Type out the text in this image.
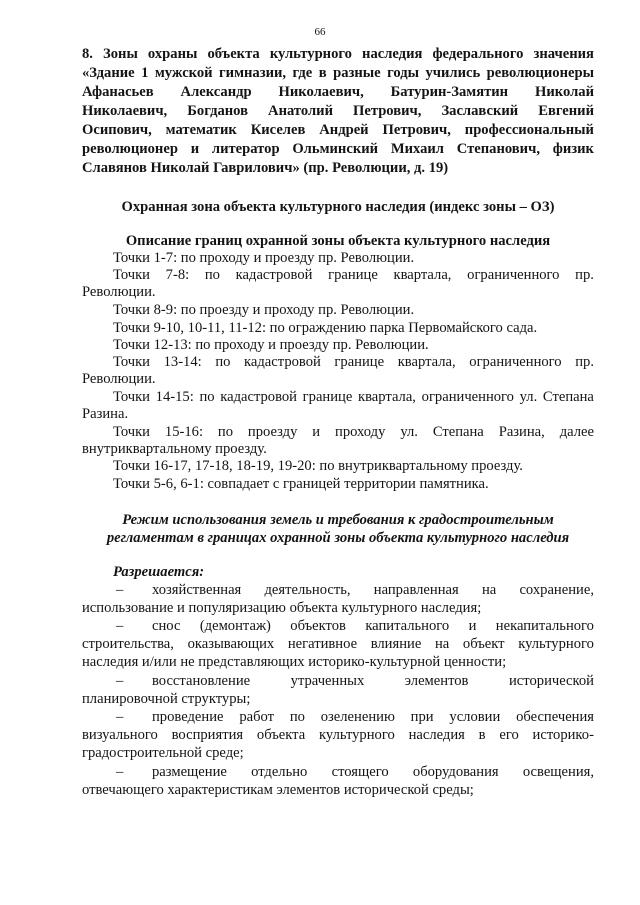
66
8. Зоны охраны объекта культурного наследия федерального значения
«Здание 1 мужской гимназии, где в разные годы учились революционеры
Афанасьев Александр Николаевич, Батурин-Замятин Николай
Николаевич, Богданов Анатолий Петрович, Заславский Евгений
Осипович, математик Киселев Андрей Петрович, профессиональный
революционер и литератор Ольминский Михаил Степанович, физик
Славянов Николай Гаврилович» (пр. Революции, д. 19)
Охранная зона объекта культурного наследия (индекс зоны – ОЗ)
Описание границ охранной зоны объекта культурного наследия
Точки 1-7: по проходу и проезду пр. Революции.
Точки 7-8: по кадастровой границе квартала, ограниченного пр.
Революции.
Точки 8-9: по проезду и проходу пр. Революции.
Точки 9-10, 10-11, 11-12: по ограждению парка Первомайского сада.
Точки 12-13: по проходу и проезду пр. Революции.
Точки 13-14: по кадастровой границе квартала, ограниченного пр.
Революции.
Точки 14-15: по кадастровой границе квартала, ограниченного ул. Степана
Разина.
Точки 15-16: по проезду и проходу ул. Степана Разина, далее
внутриквартальному проезду.
Точки 16-17, 17-18, 18-19, 19-20: по внутриквартальному проезду.
Точки 5-6, 6-1: совпадает с границей территории памятника.
Режим использования земель и требования к градостроительным
регламентам в границах охранной зоны объекта культурного наследия
Разрешается:
– хозяйственная деятельность, направленная на сохранение,
использование и популяризацию объекта культурного наследия;
– снос (демонтаж) объектов капитального и некапитального
строительства, оказывающих негативное влияние на объект культурного
наследия и/или не представляющих историко-культурной ценности;
– восстановление	утраченных	элементов	исторической
планировочной структуры;
– проведение работ по озеленению при условии обеспечения
визуального восприятия объекта культурного наследия в его историко-
градостроительной среде;
– размещение отдельно стоящего оборудования освещения,
отвечающего характеристикам элементов исторической среды;
